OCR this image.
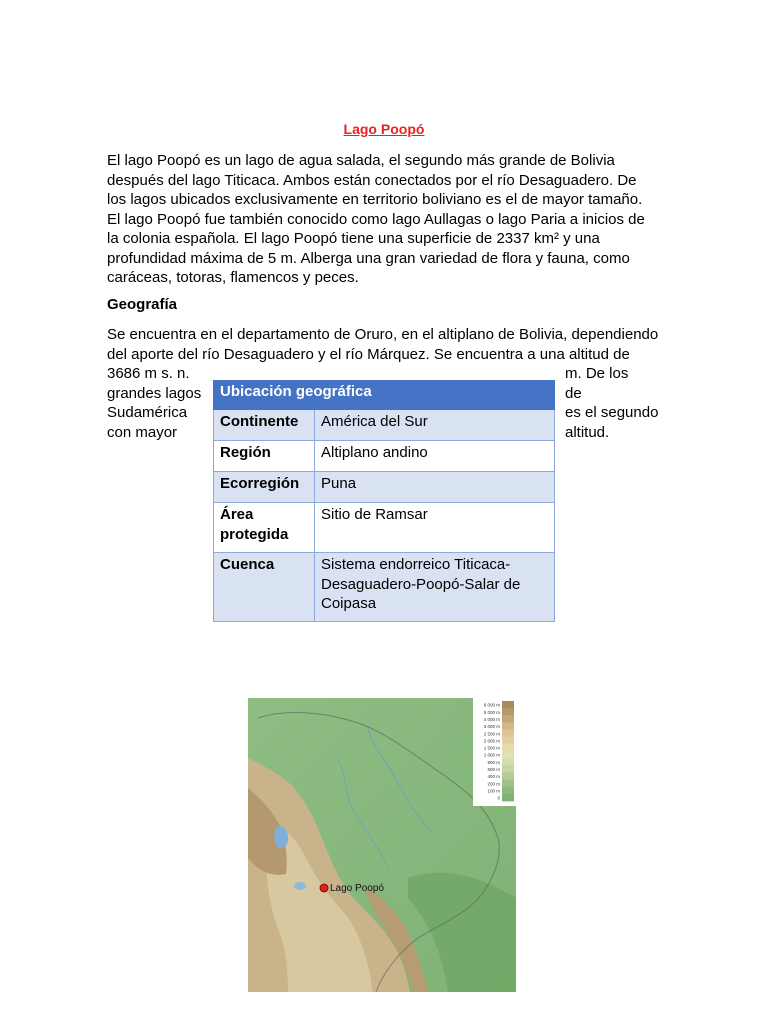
Lago Poopó
El lago Poopó es un lago de agua salada, el segundo más grande de Bolivia
después del lago Titicaca. Ambos están conectados por el río Desaguadero. De
los lagos ubicados exclusivamente en territorio boliviano es el de mayor tamaño.
El lago Poopó fue también conocido como lago Aullagas o lago Paria a inicios de
la colonia española. El lago Poopó tiene una superficie de 2337 km² y una
profundidad máxima de 5 m. Alberga una gran variedad de flora y fauna, como
caráceas, totoras, flamencos y peces.
Geografía
Se encuentra en el departamento de Oruro, en el altiplano de Bolivia, dependiendo
del aporte del río Desaguadero y el río Márquez. Se encuentra a una altitud de
3686 m s. n.
grandes lagos
Sudamérica
con mayor
m. De los
de
es el segundo
altitud.
Ubicación geográfica	
Continente	América del Sur
Región	Altiplano andino
Ecorregión	Puna
Área protegida	Sitio de Ramsar
Cuenca	Sistema endorreico Titicaca-Desaguadero-Poopó-Salar de Coipasa
6 000 m
5 000 m
4 000 m
3 000 m
2 500 m
2 000 m
1 500 m
1 000 m
800 m
600 m
400 m
200 m
100 m
0
Lago Poopó
